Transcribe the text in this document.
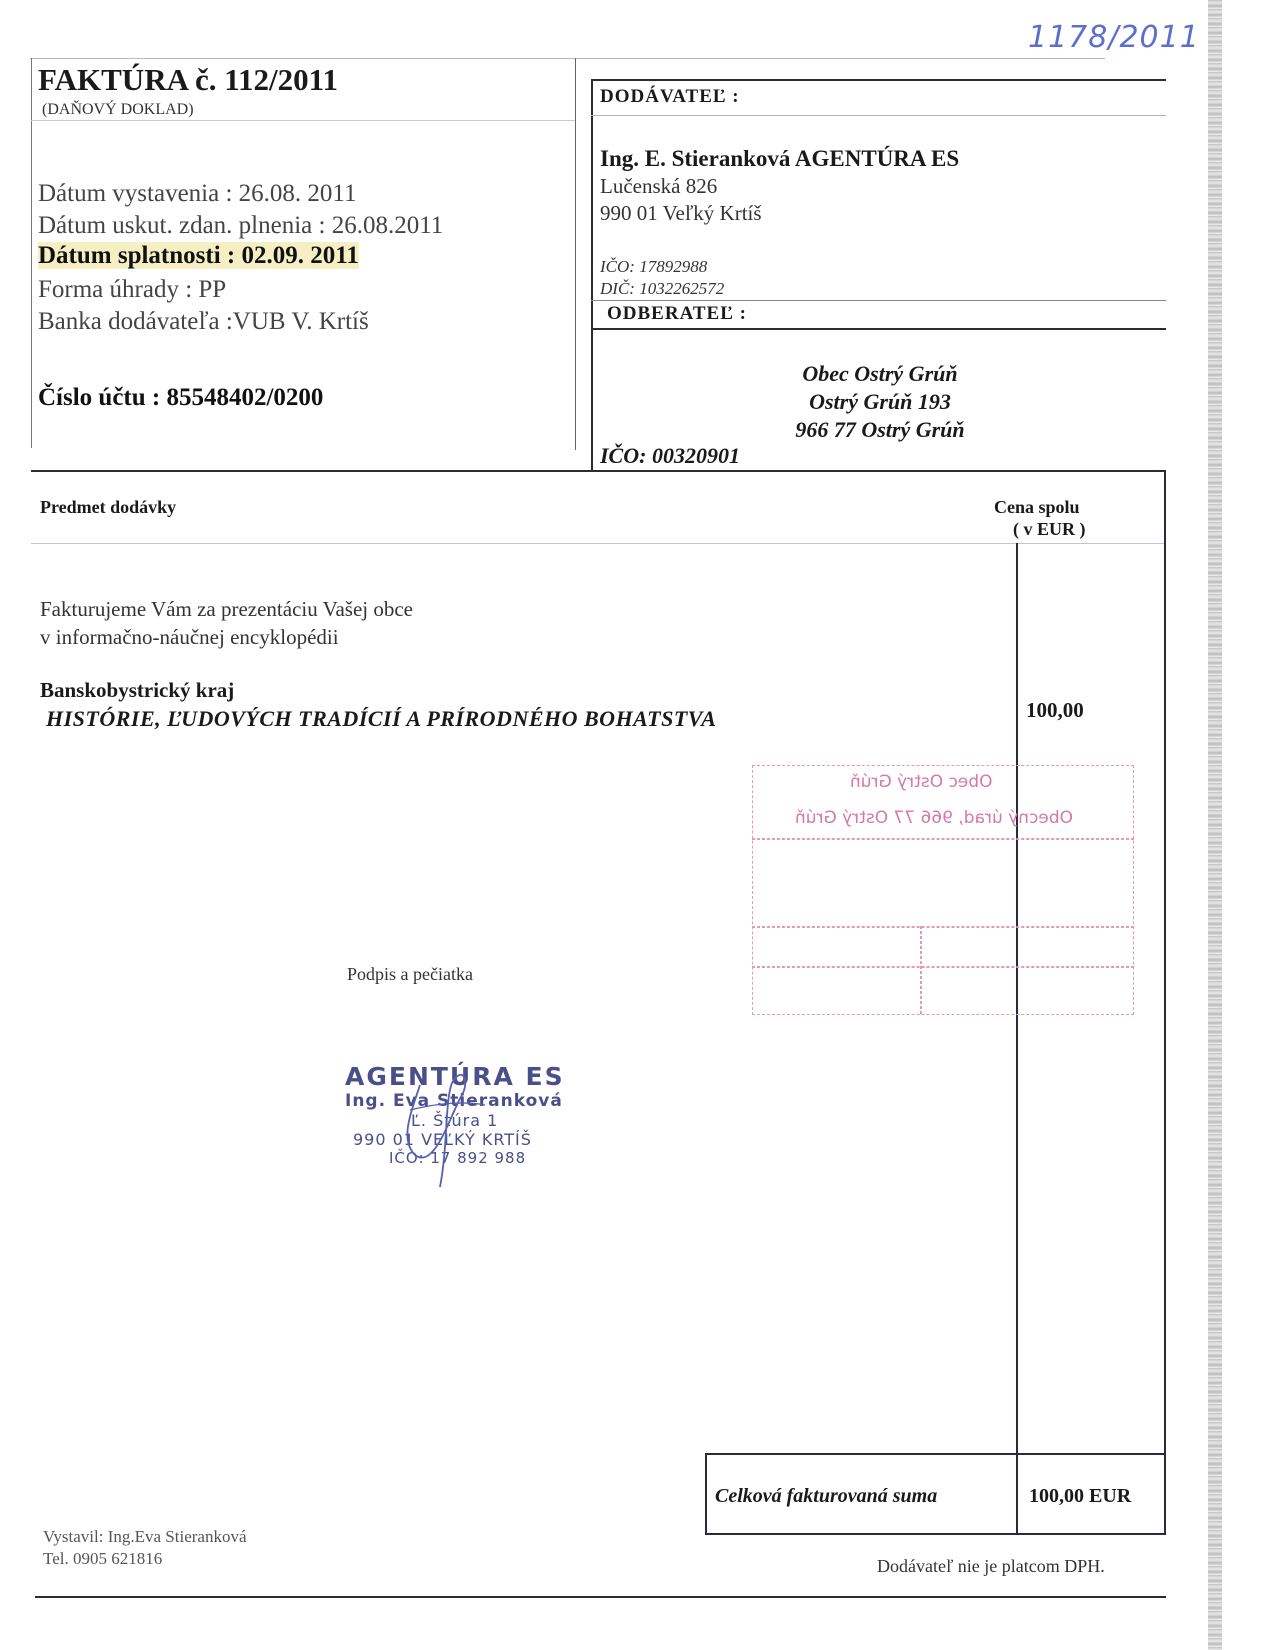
1178/2011
FAKTÚRA č. 112/2011
(DAŇOVÝ DOKLAD)
Dátum vystavenia : 26.08. 2011
Dátum uskut. zdan. plnenia : 26.08.2011
Dátum splatnosti : 02.09. 2011
Forma úhrady : PP
Banka dodávateľa :VUB V. Krtíš
Číslo účtu : 85548402/0200
DODÁVATEĽ :
Ing. E. Stieranková AGENTÚRA ES
Lučenská 826
990 01 Veľký Krtíš
IČO: 17892988
DIČ: 1032262572
ODBERATEĽ :
Obec Ostrý Grúň
Ostrý Grúň 193
966 77 Ostrý Grúň
IČO: 00320901
Predmet dodávky	Cena spolu
( v EUR )
Fakturujeme Vám za prezentáciu Vašej obce
v informačno-náučnej encyklopédii
Banskobystrický kraj
HISTÓRIE, ĽUDOVÝCH TRADÍCIÍ A PRÍRODNÉHO BOHATSTVA	100,00
Obec Ostrý Grúň
Obecný úrad, 966 77 Ostrý Grúň
Podpis a pečiatka
AGENTÚRA ES
Ing. Eva Stieranková
Ľ. Štúra 1
990 01 VEĽKÝ KRTÍŠ
IČO: 17 892 988
Celková fakturovaná suma	100,00 EUR
Vystavil: Ing.Eva Stieranková
Tel. 0905 621816	Dodávateľ nie je platcom DPH.
